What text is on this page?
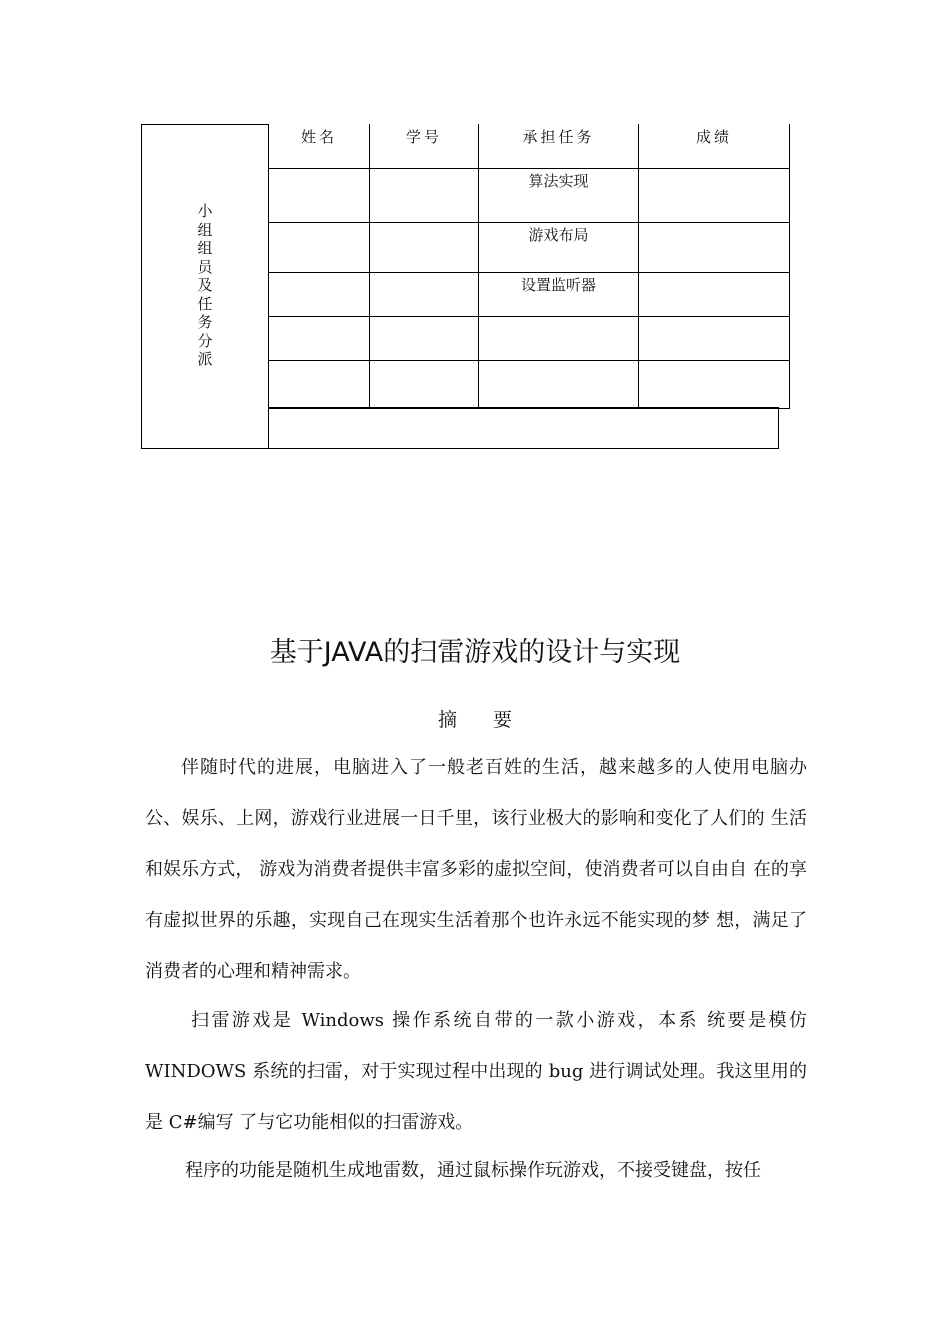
小组组员及任务分派
姓名	学号	承担任务	成绩

		算法实现	

		游戏布局	

		设置监听器	

基于JAVA的扫雷游戏的设计与实现
摘 要

伴随时代的进展，电脑进入了一般老百姓的生活，越来越多的人使用电脑办公、娱乐、上网，游戏行业进展一日千里，该行业极大的影响和变化了人们的 生活和娱乐方式， 游戏为消费者提供丰富多彩的虚拟空间，使消费者可以自由自 在的享有虚拟世界的乐趣，实现自己在现实生活着那个也许永远不能实现的梦 想，满足了消费者的心理和精神需求。

扫雷游戏是 Windows 操作系统自带的一款小游戏，本系 统要是模仿 WINDOWS 系统的扫雷，对于实现过程中出现的 bug 进行调试处理。我这里用的是 C#编写 了与它功能相似的扫雷游戏。

程序的功能是随机生成地雷数，通过鼠标操作玩游戏，不接受键盘，按任
